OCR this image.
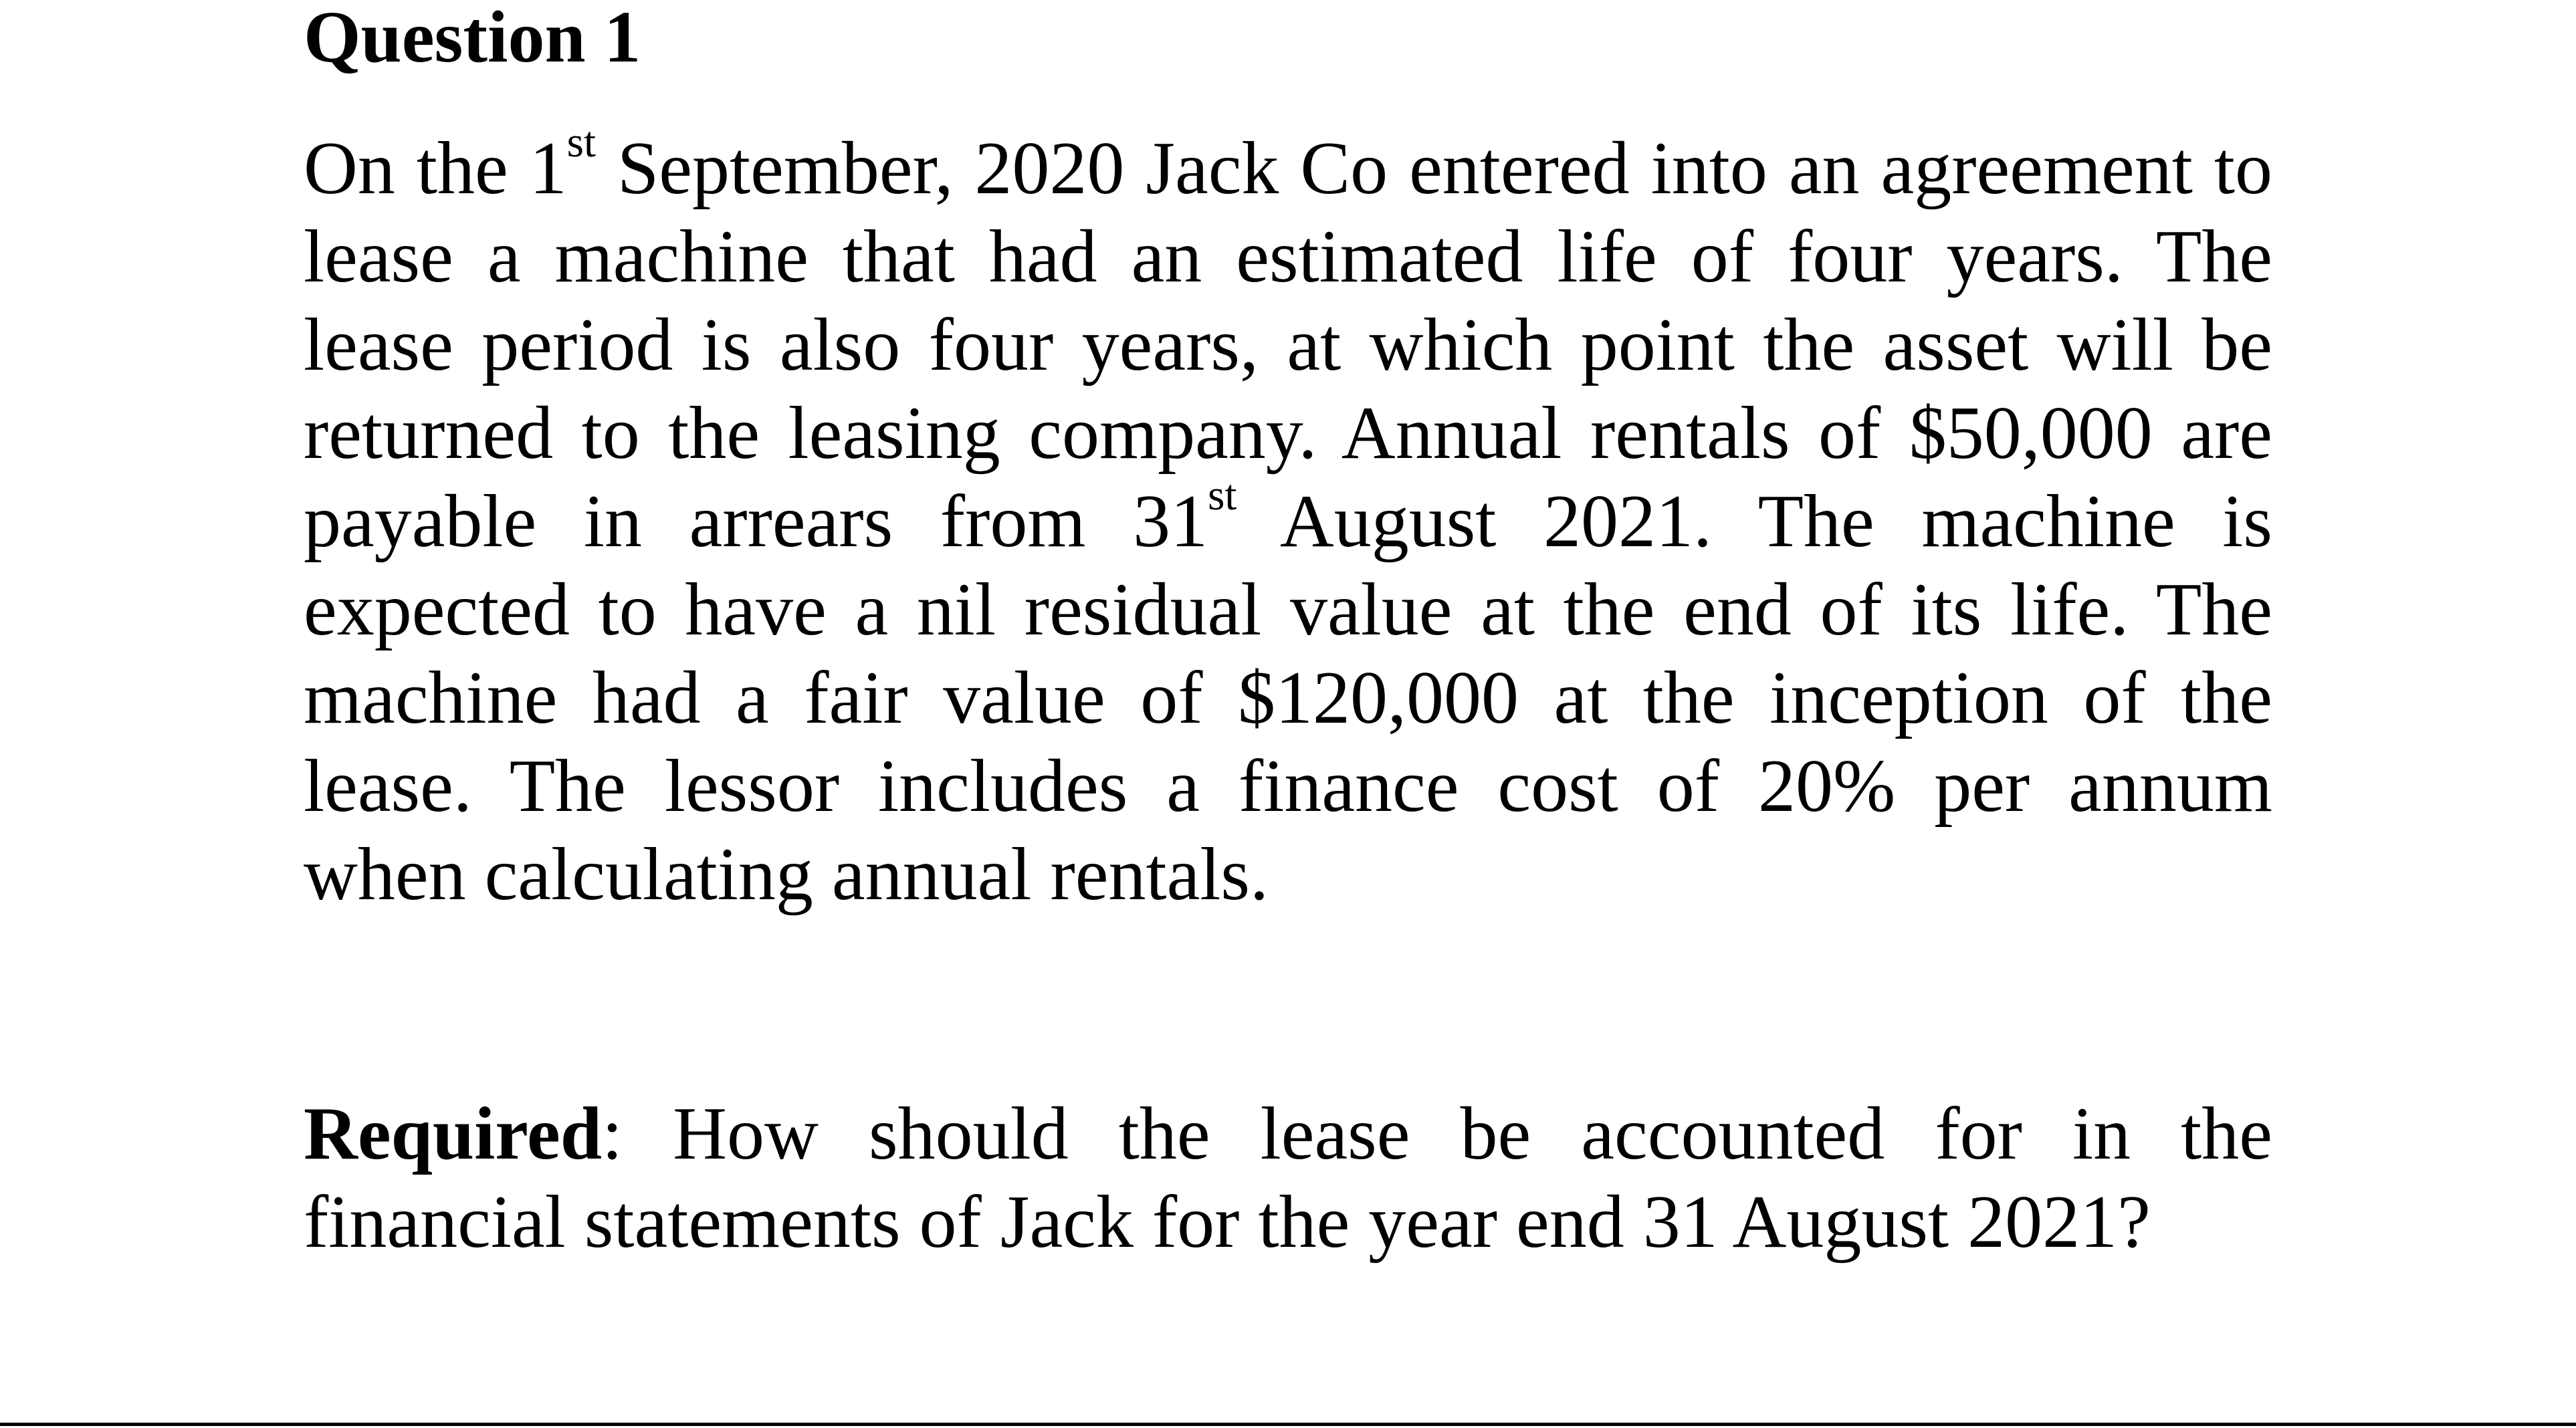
Question 1
On the 1st September, 2020 Jack Co entered into an agreement to
lease a machine that had an estimated life of four years. The
lease period is also four years, at which point the asset will be
returned to the leasing company. Annual rentals of $50,000 are
payable in arrears from 31st August 2021. The machine is
expected to have a nil residual value at the end of its life. The
machine had a fair value of $120,000 at the inception of the
lease. The lessor includes a finance cost of 20% per annum
when calculating annual rentals.
Required: How should the lease be accounted for in the
financial statements of Jack for the year end 31 August 2021?
